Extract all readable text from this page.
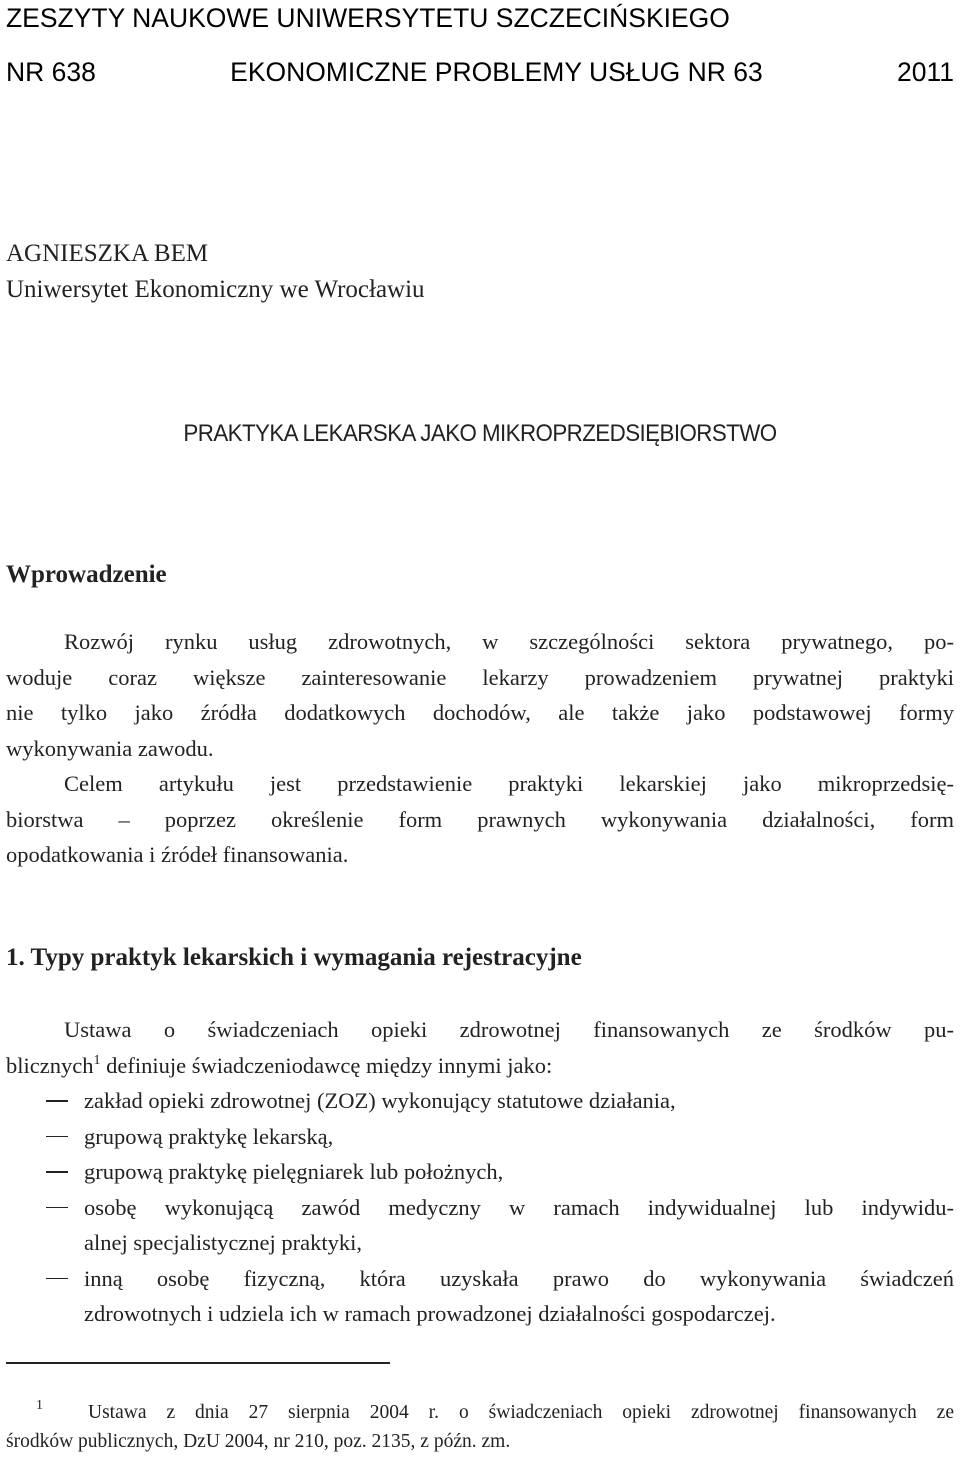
ZESZYTY NAUKOWE UNIWERSYTETU SZCZECIŃSKIEGO
NR 638	EKONOMICZNE PROBLEMY USŁUG NR 63	2011
AGNIESZKA BEM
Uniwersytet Ekonomiczny we Wrocławiu
PRAKTYKA LEKARSKA JAKO MIKROPRZEDSIĘBIORSTWO
Wprowadzenie
Rozwój rynku usług zdrowotnych, w szczególności sektora prywatnego, po-
woduje coraz większe zainteresowanie lekarzy prowadzeniem prywatnej praktyki
nie tylko jako źródła dodatkowych dochodów, ale także jako podstawowej formy
wykonywania zawodu.
Celem artykułu jest przedstawienie praktyki lekarskiej jako mikroprzedsię-
biorstwa – poprzez określenie form prawnych wykonywania działalności, form
opodatkowania i źródeł finansowania.
1. Typy praktyk lekarskich i wymagania rejestracyjne
Ustawa o świadczeniach opieki zdrowotnej finansowanych ze środków pu-
blicznych$^1$ definiuje świadczeniodawcę między innymi jako:
zakład opieki zdrowotnej (ZOZ) wykonujący statutowe działania,
grupową praktykę lekarską,
grupową praktykę pielęgniarek lub położnych,
osobę wykonującą zawód medyczny w ramach indywidualnej lub indywidu-
alnej specjalistycznej praktyki,
inną osobę fizyczną, która uzyskała prawo do wykonywania świadczeń
zdrowotnych i udziela ich w ramach prowadzonej działalności gospodarczej.
1 Ustawa z dnia 27 sierpnia 2004 r. o świadczeniach opieki zdrowotnej finansowanych ze
środków publicznych, DzU 2004, nr 210, poz. 2135, z późn. zm.
